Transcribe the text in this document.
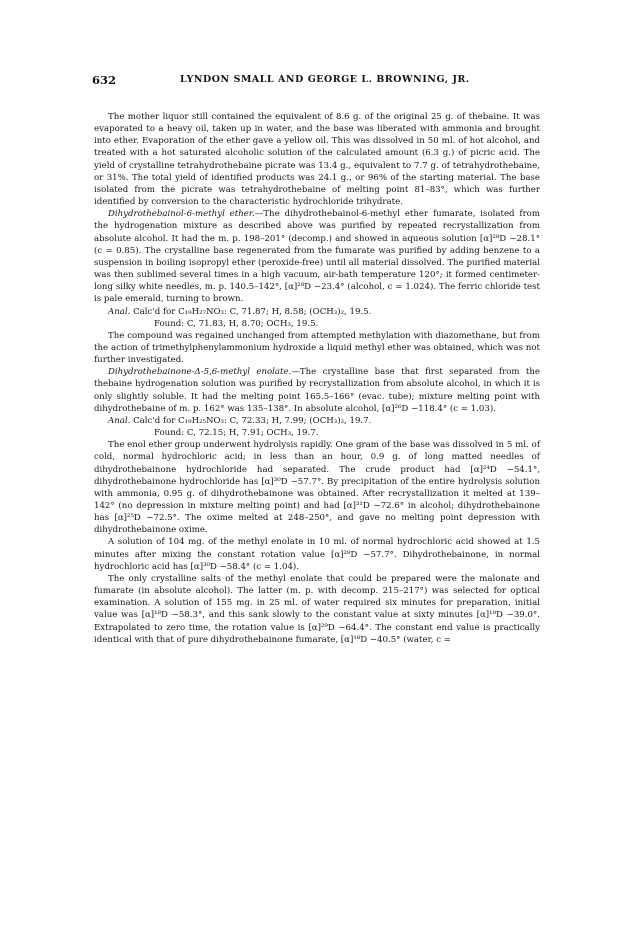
632	LYNDON SMALL AND GEORGE L. BROWNING, JR.

The mother liquor still contained the equivalent of 8.6 g. of the original 25 g. of thebaine. It was evaporated to a heavy oil, taken up in water, and the base was liberated with ammonia and brought into ether. Evaporation of the ether gave a yellow oil. This was dissolved in 50 ml. of hot alcohol, and treated with a hot saturated alcoholic solution of the calculated amount (6.3 g.) of picric acid. The yield of crystalline tetrahydrothebaine picrate was 13.4 g., equivalent to 7.7 g. of tetrahydrothebaine, or 31%. The total yield of identified products was 24.1 g., or 96% of the starting material. The base isolated from the picrate was tetrahydrothebaine of melting point 81–83°, which was further identified by conversion to the characteristic hydrochloride trihydrate.

Dihydrothebainol-6-methyl ether.—The dihydrothebainol-6-methyl ether fumarate, isolated from the hydrogenation mixture as described above was purified by repeated recrystallization from absolute alcohol. It had the m. p. 198–201° (decomp.) and showed in aqueous solution [α]²⁸D −28.1° (c = 0.85). The crystalline base regenerated from the fumarate was purified by adding benzene to a suspension in boiling isopropyl ether (peroxide-free) until all material dissolved. The purified material was then sublimed several times in a high vacuum, air-bath temperature 120°; it formed centimeter-long silky white needles, m. p. 140.5–142°, [α]²⁸D −23.4° (alcohol, c = 1.024). The ferric chloride test is pale emerald, turning to brown.

Anal. Calc'd for C₁₉H₂₇NO₃: C, 71.87; H, 8.58; (OCH₃)₂, 19.5.

Found: C, 71.83, H, 8.70; OCH₃, 19.5.

The compound was regained unchanged from attempted methylation with diazomethane, but from the action of trimethylphenylammonium hydroxide a liquid methyl ether was obtained, which was not further investigated.

Dihydrothebainone-Δ-5,6-methyl enolate.—The crystalline base that first separated from the thebaine hydrogenation solution was purified by recrystallization from absolute alcohol, in which it is only slightly soluble. It had the melting point 165.5–166° (evac. tube); mixture melting point with dihydrothebaine of m. p. 162° was 135–138°. In absolute alcohol, [α]²⁶D −118.4° (c = 1.03).

Anal. Calc'd for C₁₉H₂₅NO₃: C, 72.33; H, 7.99; (OCH₃)₂, 19.7.

Found: C, 72.15; H, 7.91; OCH₃, 19.7.

The enol ether group underwent hydrolysis rapidly. One gram of the base was dissolved in 5 ml. of cold, normal hydrochloric acid; in less than an hour, 0.9 g. of long matted needles of dihydrothebainone hydrochloride had separated. The crude product had [α]²⁴D −54.1°, dihydrothebainone hydrochloride has [α]³⁰D −57.7°. By precipitation of the entire hydrolysis solution with ammonia, 0.95 g. of dihydrothebainone was obtained. After recrystallization it melted at 139–142° (no depression in mixture melting point) and had [α]³¹D −72.6° in alcohol; dihydrothebainone has [α]²⁵D −72.5°. The oxime melted at 248–250°, and gave no melting point depression with dihydrothebainone oxime.

A solution of 104 mg. of the methyl enolate in 10 ml. of normal hydrochloric acid showed at 1.5 minutes after mixing the constant rotation value [α]²⁸D −57.7°. Dihydrothebainone, in normal hydrochloric acid has [α]³⁰D −58.4° (c = 1.04).

The only crystalline salts of the methyl enolate that could be prepared were the malonate and fumarate (in absolute alcohol). The latter (m. p. with decomp. 215–217°) was selected for optical examination. A solution of 155 mg. in 25 ml. of water required six minutes for preparation, initial value was [α]¹⁸D −58.3°, and this sank slowly to the constant value at sixty minutes [α]¹⁸D −39.0°. Extrapolated to zero time, the rotation value is [α]²⁹D −64.4°. The constant end value is practically identical with that of pure dihydrothebainone fumarate, [α]¹⁸D −40.5° (water, c =
